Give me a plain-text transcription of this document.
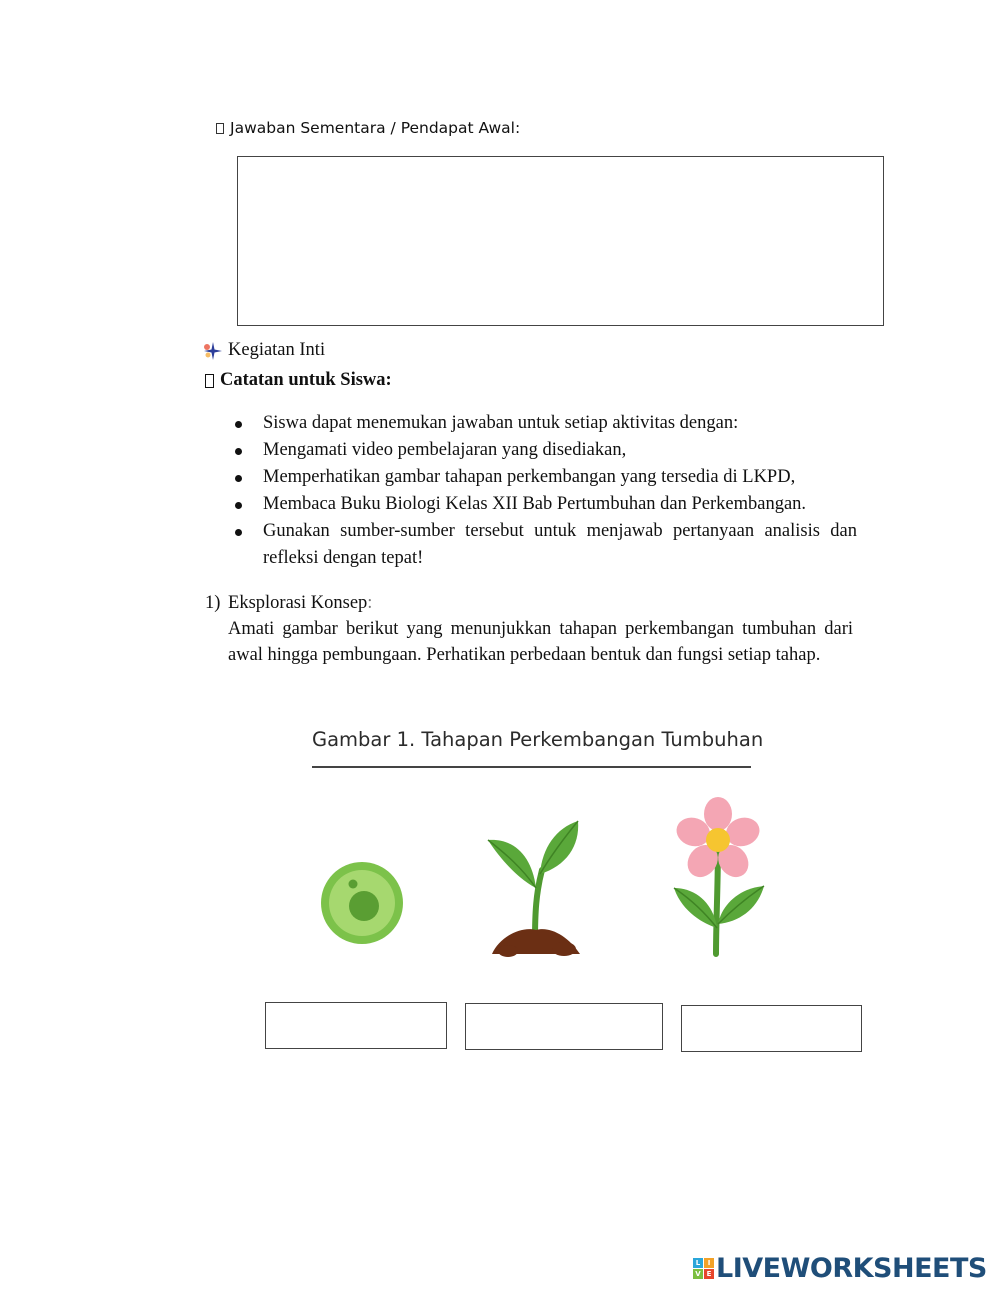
Jawaban Sementara / Pendapat Awal:
Kegiatan Inti
Catatan untuk Siswa:
Siswa dapat menemukan jawaban untuk setiap aktivitas dengan:
Mengamati video pembelajaran yang disediakan,
Memperhatikan gambar tahapan perkembangan yang tersedia di LKPD,
Membaca Buku Biologi Kelas XII Bab Pertumbuhan dan Perkembangan.
Gunakan sumber-sumber tersebut untuk menjawab pertanyaan analisis dan refleksi dengan tepat!
1) Eksplorasi Konsep:
Amati gambar berikut yang menunjukkan tahapan perkembangan tumbuhan dari awal hingga pembungaan. Perhatikan perbedaan bentuk dan fungsi setiap tahap.
Gambar 1. Tahapan Perkembangan Tumbuhan
L	I
V E LIVEWORKSHEETS
